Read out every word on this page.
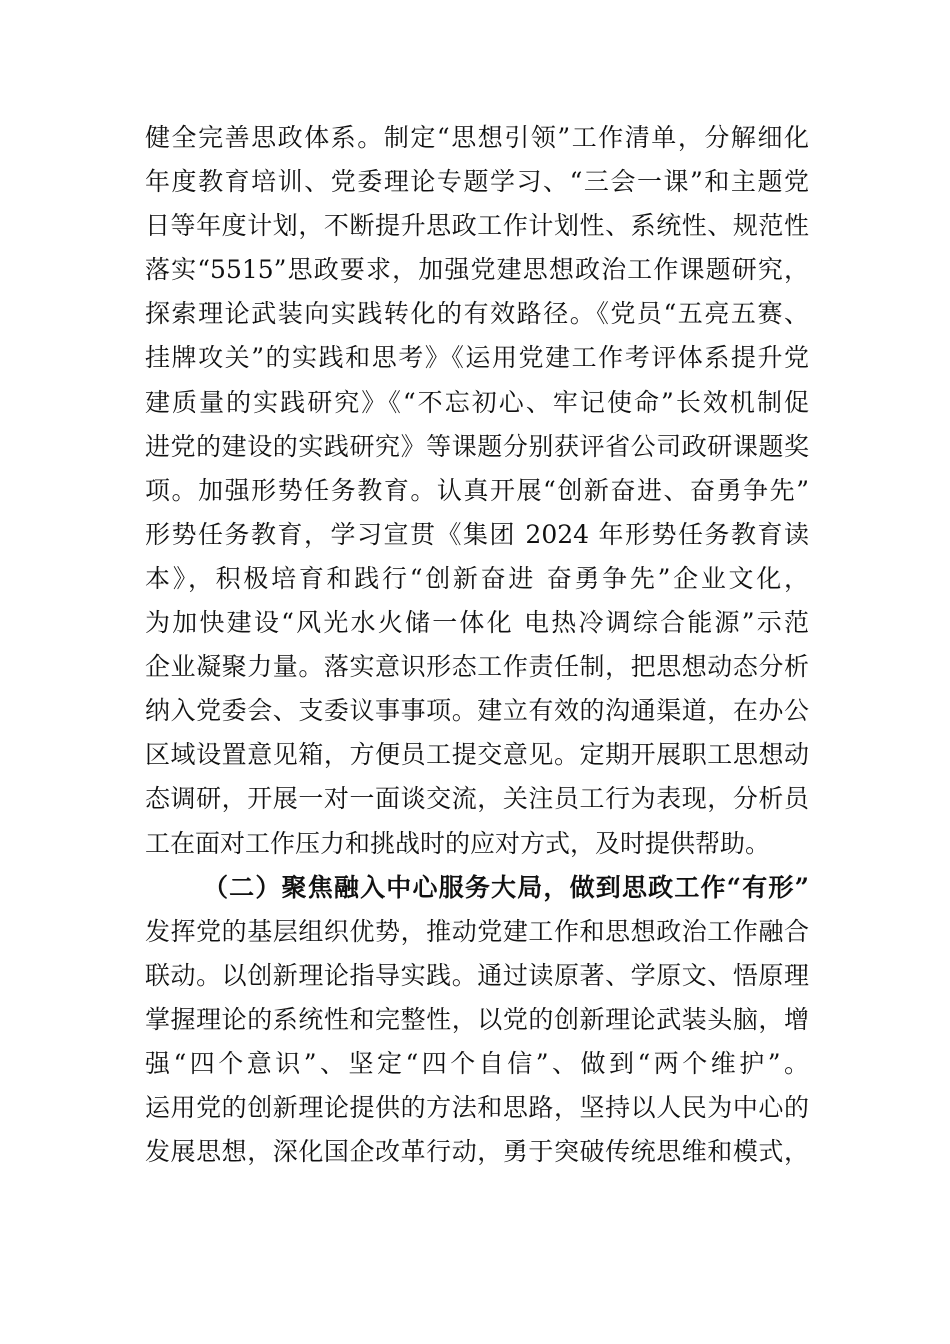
健全完善思政体系。制定“思想引领”工作清单，分解细化
年度教育培训、党委理论专题学习、“三会一课”和主题党
日等年度计划，不断提升思政工作计划性、系统性、规范性
落实“5515”思政要求，加强党建思想政治工作课题研究，
探索理论武装向实践转化的有效路径。《党员“五亮五赛、
挂牌攻关”的实践和思考》《运用党建工作考评体系提升党
建质量的实践研究》《“不忘初心、牢记使命”长效机制促
进党的建设的实践研究》等课题分别获评省公司政研课题奖
项。加强形势任务教育。认真开展“创新奋进、奋勇争先”
形势任务教育，学习宣贯《集团 2024 年形势任务教育读
本》，积极培育和践行“创新奋进 奋勇争先”企业文化，
为加快建设“风光水火储一体化 电热冷调综合能源”示范
企业凝聚力量。落实意识形态工作责任制，把思想动态分析
纳入党委会、支委议事事项。建立有效的沟通渠道，在办公
区域设置意见箱，方便员工提交意见。定期开展职工思想动
态调研，开展一对一面谈交流，关注员工行为表现，分析员
工在面对工作压力和挑战时的应对方式，及时提供帮助。
（二）聚焦融入中心服务大局，做到思政工作“有形”
发挥党的基层组织优势，推动党建工作和思想政治工作融合
联动。以创新理论指导实践。通过读原著、学原文、悟原理
掌握理论的系统性和完整性，以党的创新理论武装头脑，增
强“四个意识”、坚定“四个自信”、做到“两个维护”。
运用党的创新理论提供的方法和思路，坚持以人民为中心的
发展思想，深化国企改革行动，勇于突破传统思维和模式，
